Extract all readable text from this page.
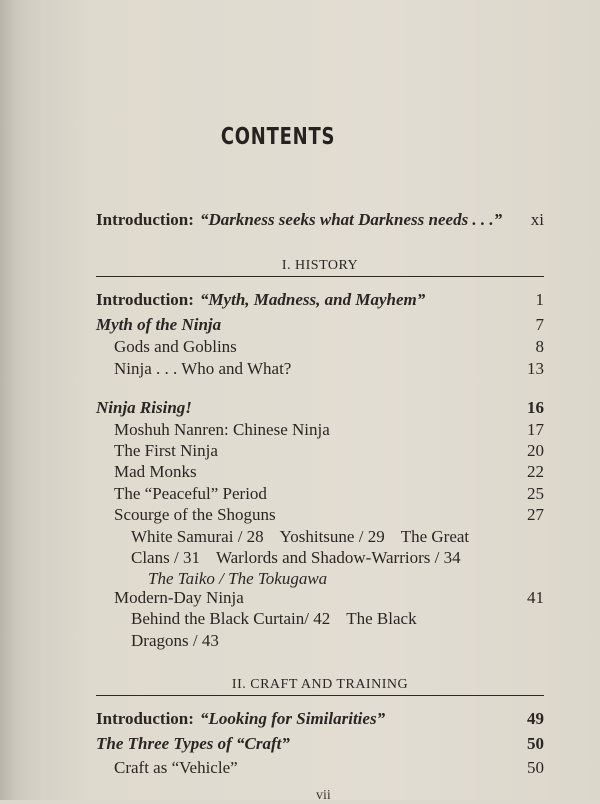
CONTENTS
Introduction: “Darkness seeks what Darkness needs . . .” xi
I. HISTORY
Introduction: “Myth, Madness, and Mayhem”	1
Myth of the Ninja	7
Gods and Goblins	8
Ninja . . . Who and What?	13
Ninja Rising!	16
Moshuh Nanren: Chinese Ninja	17
The First Ninja	20
Mad Monks	22
The “Peaceful” Period	25
Scourge of the Shoguns	27
White Samurai / 28 Yoshitsune / 29 The Great
Clans / 31 Warlords and Shadow-Warriors / 34
The Taiko / The Tokugawa
Modern-Day Ninja	41
Behind the Black Curtain/ 42 The Black
Dragons / 43
II. CRAFT AND TRAINING
Introduction: “Looking for Similarities”	49
The Three Types of “Craft”	50
Craft as “Vehicle”	50
vii
